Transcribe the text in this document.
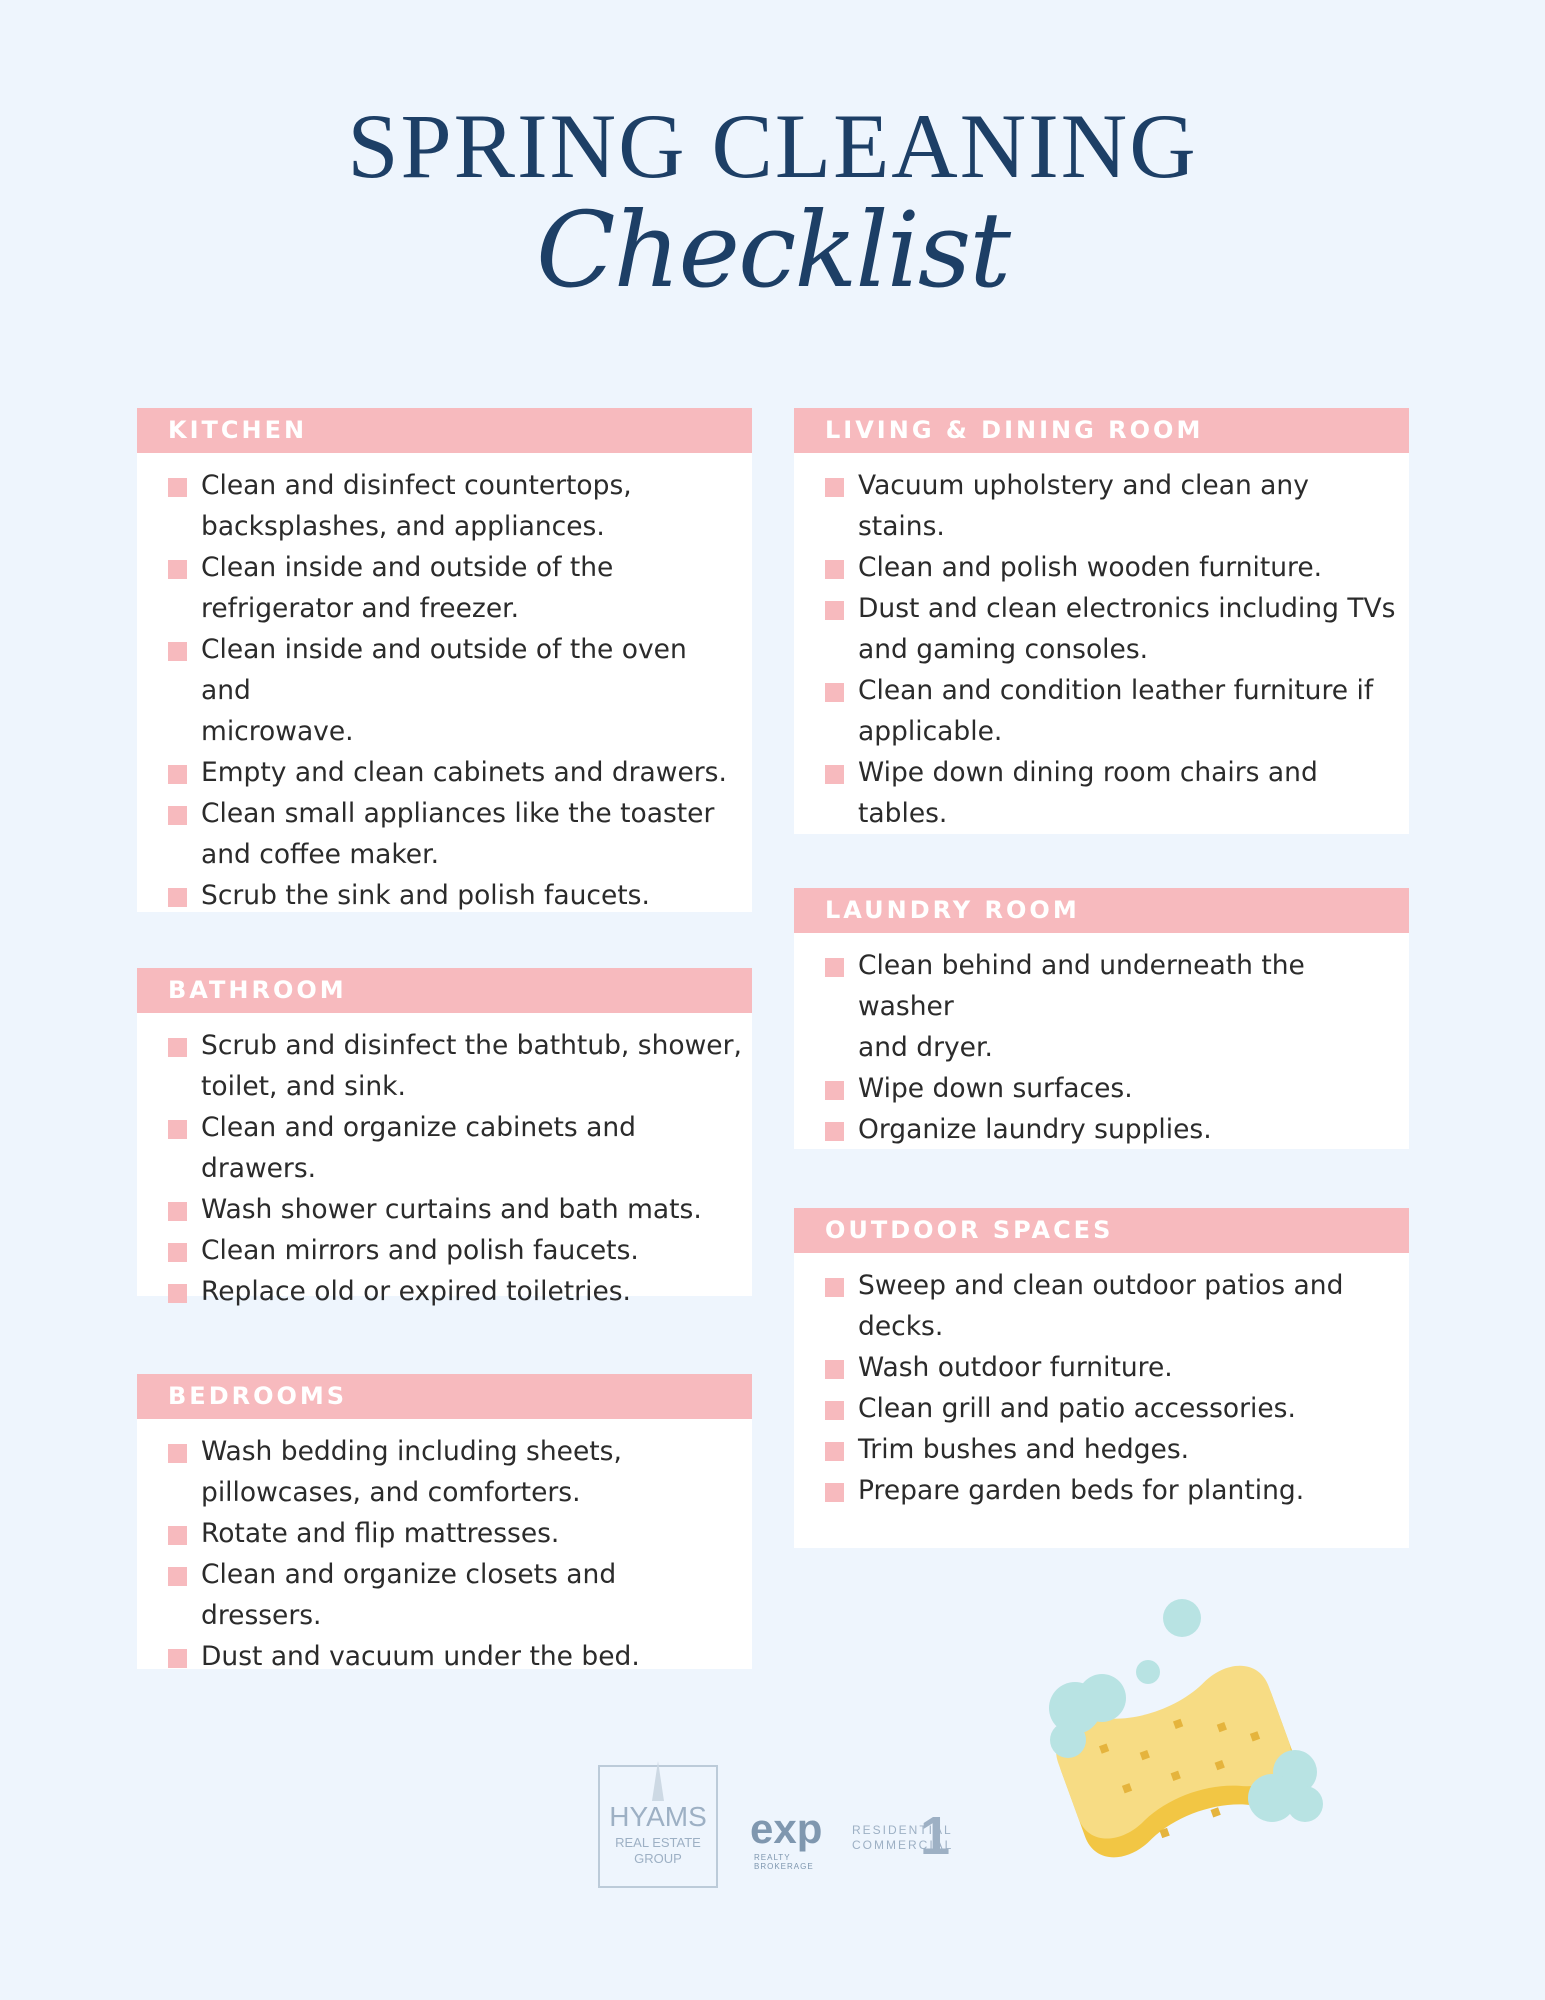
SPRING CLEANING
Checklist
KITCHEN
Clean and disinfect countertops,
backsplashes, and appliances.
Clean inside and outside of the
refrigerator and freezer.
Clean inside and outside of the oven and
microwave.
Empty and clean cabinets and drawers.
Clean small appliances like the toaster
and coffee maker.
Scrub the sink and polish faucets.
BATHROOM
Scrub and disinfect the bathtub, shower,
toilet, and sink.
Clean and organize cabinets and drawers.
Wash shower curtains and bath mats.
Clean mirrors and polish faucets.
Replace old or expired toiletries.
BEDROOMS
Wash bedding including sheets,
pillowcases, and comforters.
Rotate and flip mattresses.
Clean and organize closets and dressers.
Dust and vacuum under the bed.
LIVING & DINING ROOM
Vacuum upholstery and clean any stains.
Clean and polish wooden furniture.
Dust and clean electronics including TVs
and gaming consoles.
Clean and condition leather furniture if
applicable.
Wipe down dining room chairs and
tables.
LAUNDRY ROOM
Clean behind and underneath the washer
and dryer.
Wipe down surfaces.
Organize laundry supplies.
OUTDOOR SPACES
Sweep and clean outdoor patios and
decks.
Wash outdoor furniture.
Clean grill and patio accessories.
Trim bushes and hedges.
Prepare garden beds for planting.
HYAMS
REAL ESTATE
GROUP
exp
REALTY
BROKERAGE
RESIDENTIAL
COMMERCIAL
1
